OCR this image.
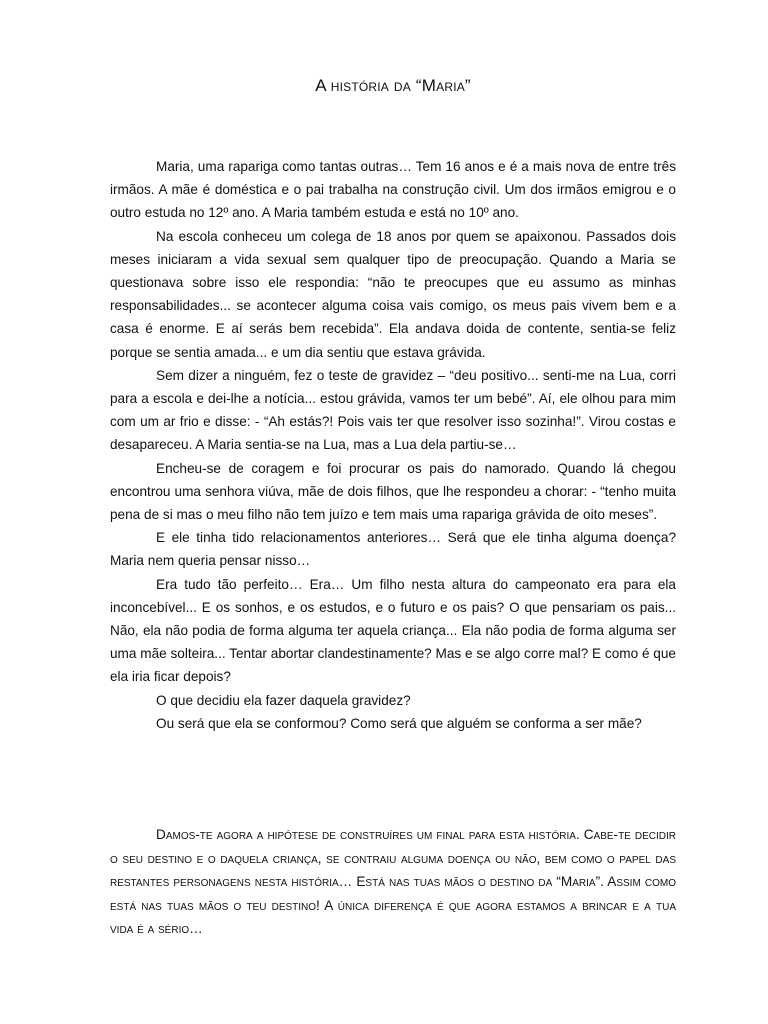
A história da “Maria”

Maria, uma rapariga como tantas outras… Tem 16 anos e é a mais nova de entre três irmãos. A mãe é doméstica e o pai trabalha na construção civil. Um dos irmãos emigrou e o outro estuda no 12º ano. A Maria também estuda e está no 10º ano.

Na escola conheceu um colega de 18 anos por quem se apaixonou. Passados dois meses iniciaram a vida sexual sem qualquer tipo de preocupação. Quando a Maria se questionava sobre isso ele respondia: “não te preocupes que eu assumo as minhas responsabilidades... se acontecer alguma coisa vais comigo, os meus pais vivem bem e a casa é enorme. E aí serás bem recebida”. Ela andava doida de contente, sentia-se feliz porque se sentia amada... e um dia sentiu que estava grávida.

Sem dizer a ninguém, fez o teste de gravidez – “deu positivo... senti-me na Lua, corri para a escola e dei-lhe a notícia... estou grávida, vamos ter um bebé”. Aí, ele olhou para mim com um ar frio e disse: - “Ah estás?! Pois vais ter que resolver isso sozinha!”. Virou costas e desapareceu. A Maria sentia-se na Lua, mas a Lua dela partiu-se…

Encheu-se de coragem e foi procurar os pais do namorado. Quando lá chegou encontrou uma senhora viúva, mãe de dois filhos, que lhe respondeu a chorar: - “tenho muita pena de si mas o meu filho não tem juízo e tem mais uma rapariga grávida de oito meses”.

E ele tinha tido relacionamentos anteriores… Será que ele tinha alguma doença? Maria nem queria pensar nisso…

Era tudo tão perfeito… Era… Um filho nesta altura do campeonato era para ela inconcebível... E os sonhos, e os estudos, e o futuro e os pais? O que pensariam os pais... Não, ela não podia de forma alguma ter aquela criança... Ela não podia de forma alguma ser uma mãe solteira... Tentar abortar clandestinamente? Mas e se algo corre mal? E como é que ela iria ficar depois?

O que decidiu ela fazer daquela gravidez?

Ou será que ela se conformou? Como será que alguém se conforma a ser mãe?

Damos-te agora a hipótese de construíres um final para esta história. Cabe-te decidir o seu destino e o daquela criança, se contraiu alguma doença ou não, bem como o papel das restantes personagens nesta história… Está nas tuas mãos o destino da “Maria”. Assim como está nas tuas mãos o teu destino! A única diferença é que agora estamos a brincar e a tua vida é a sério…
